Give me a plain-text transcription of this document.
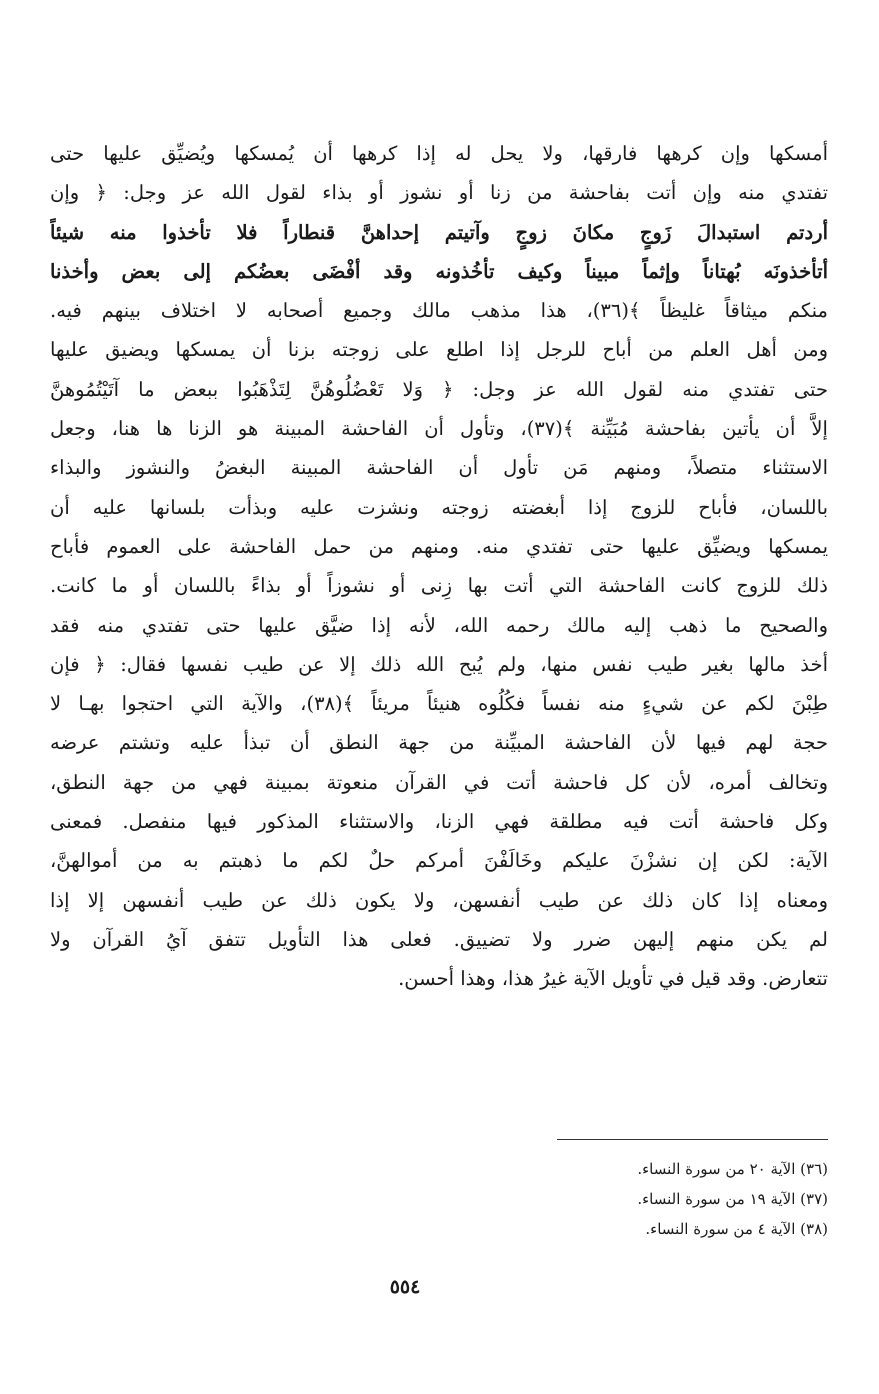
أمسكها وإن كرهها فارقها، ولا يحل له إذا كرهها أن يُمسكها ويُضيِّق عليها حتى
تفتدي منه وإن أتت بفاحشة من زنا أو نشوز أو بذاء لقول الله عز وجل: ﴿ وإن
أردتم استبدالَ زَوجٍ مكانَ زوجٍ وآتيتم إحداهنَّ قنطاراً فلا تأخذوا منه شيئاً
أتأخذونَه بُهتاناً وإثماً مبيناً وكيف تأخُذونه وقد أفْضَى بعضُكم إلى بعض وأخذنا
منكم ميثاقاً غليظاً ﴾(٣٦)، هذا مذهب مالك وجميع أصحابه لا اختلاف بينهم فيه.
ومن أهل العلم من أباح للرجل إذا اطلع على زوجته بزنا أن يمسكها ويضيق عليها
حتى تفتدي منه لقول الله عز وجل: ﴿ وَلا تَعْضُلُوهُنَّ لِتَذْهَبُوا ببعض ما آتَيْتُمُوهنَّ
إلاَّ أن يأتين بفاحشة مُبَيِّنة ﴾(٣٧)، وتأول أن الفاحشة المبينة هو الزنا ها هنا، وجعل
الاستثناء متصلاً، ومنهم مَن تأول أن الفاحشة المبينة البغضُ والنشوز والبذاء
باللسان، فأباح للزوج إذا أبغضته زوجته ونشزت عليه وبذأت بلسانها عليه أن
يمسكها ويضيِّق عليها حتى تفتدي منه. ومنهم من حمل الفاحشة على العموم فأباح
ذلك للزوج كانت الفاحشة التي أتت بها زِنى أو نشوزاً أو بذاءً باللسان أو ما كانت.
والصحيح ما ذهب إليه مالك رحمه الله، لأنه إذا ضيَّق عليها حتى تفتدي منه فقد
أخذ مالها بغير طيب نفس منها، ولم يُبح الله ذلك إلا عن طيب نفسها فقال: ﴿ فإن
طِبْنَ لكم عن شيءٍ منه نفساً فكُلُوه هنيئاً مريئاً ﴾(٣٨)، والآية التي احتجوا بهـا لا
حجة لهم فيها لأن الفاحشة المبيِّنة من جهة النطق أن تبذأ عليه وتشتم عرضه
وتخالف أمره، لأن كل فاحشة أتت في القرآن منعوتة بمبينة فهي من جهة النطق،
وكل فاحشة أتت فيه مطلقة فهي الزنا، والاستثناء المذكور فيها منفصل. فمعنى
الآية: لكن إن نشزْنَ عليكم وخَالَفْنَ أمركم حلٌ لكم ما ذهبتم به من أموالهنَّ،
ومعناه إذا كان ذلك عن طيب أنفسهن، ولا يكون ذلك عن طيب أنفسهن إلا إذا
لم يكن منهم إليهن ضرر ولا تضييق. فعلى هذا التأويل تتفق آيُ القرآن ولا
تتعارض. وقد قيل في تأويل الآية غيرُ هذا، وهذا أحسن.
(٣٦) الآية ٢٠ من سورة النساء.
(٣٧) الآية ١٩ من سورة النساء.
(٣٨) الآية ٤ من سورة النساء.
٥٥٤
